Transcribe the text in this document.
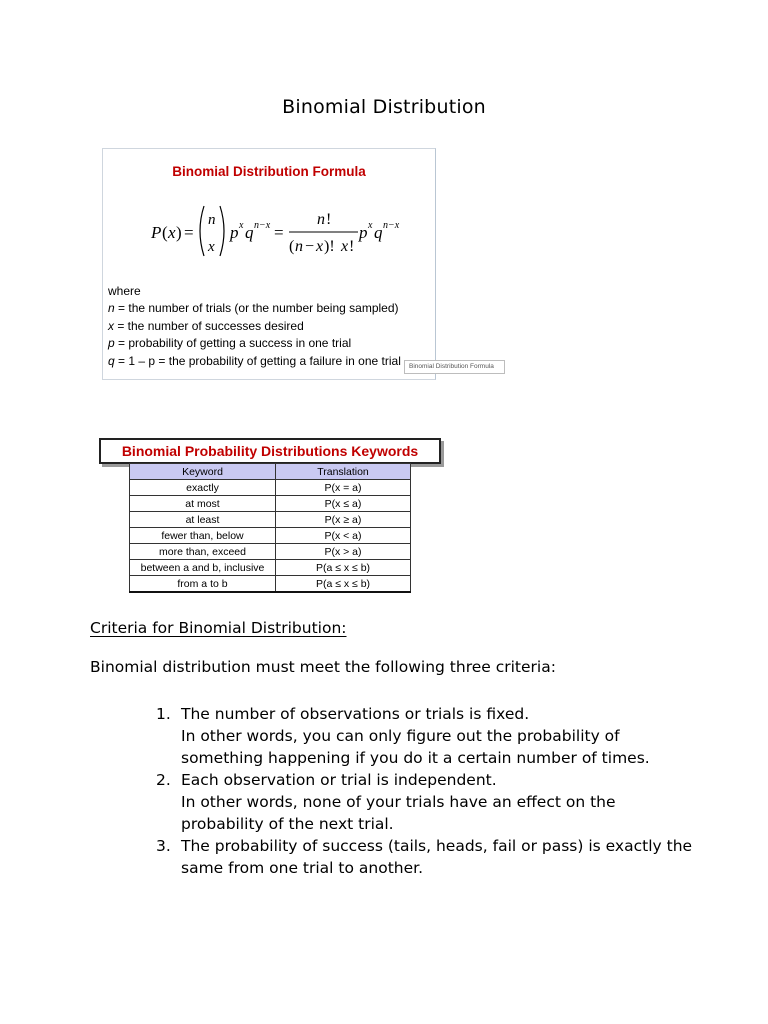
Binomial Distribution
Binomial Distribution Formula
P ( x ) =
n
x
p x q n−x =
n !
( n − x )! x !
p x q n−x
where
n = the number of trials (or the number being sampled)
x = the number of successes desired
p = probability of getting a success in one trial
q = 1 – p = the probability of getting a failure in one trial	Binomial Distribution Formula
Binomial Probability Distributions Keywords
Keyword	Translation
exactly	P(x = a)
at most	P(x ≤ a)
at least	P(x ≥ a)
fewer than, below	P(x < a)
more than, exceed	P(x > a)
between a and b, inclusive	P(a ≤ x ≤ b)
from a to b	P(a ≤ x ≤ b)
Criteria for Binomial Distribution:
Binomial distribution must meet the following three criteria:
1. The number of observations or trials is fixed.
In other words, you can only figure out the probability of something happening if you do it a certain number of times.
2. Each observation or trial is independent.
In other words, none of your trials have an effect on the probability of the next trial.
3. The probability of success (tails, heads, fail or pass) is exactly the same from one trial to another.
